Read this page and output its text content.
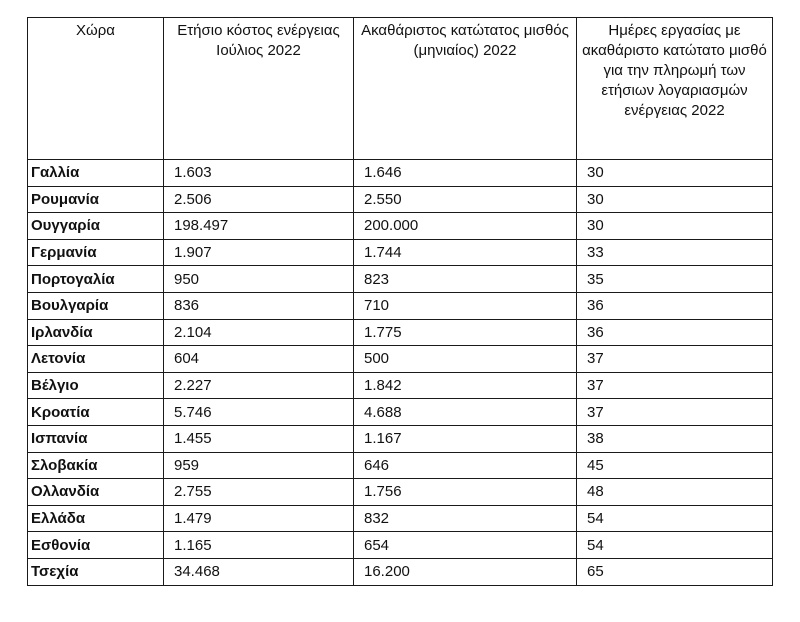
Χώρα	Ετήσιο κόστος ενέργειας Ιούλιος 2022	Ακαθάριστος κατώτατος μισθός (μηνιαίος) 2022	Ημέρες εργασίας με ακαθάριστο κατώτατο μισθό για την πληρωμή των ετήσιων λογαριασμών ενέργειας 2022
Γαλλία	1.603	1.646	30
Ρουμανία	2.506	2.550	30
Ουγγαρία	198.497	200.000	30
Γερμανία	1.907	1.744	33
Πορτογαλία	950	823	35
Βουλγαρία	836	710	36
Ιρλανδία	2.104	1.775	36
Λετονία	604	500	37
Βέλγιο	2.227	1.842	37
Κροατία	5.746	4.688	37
Ισπανία	1.455	1.167	38
Σλοβακία	959	646	45
Ολλανδία	2.755	1.756	48
Ελλάδα	1.479	832	54
Εσθονία	1.165	654	54
Τσεχία	34.468	16.200	65
